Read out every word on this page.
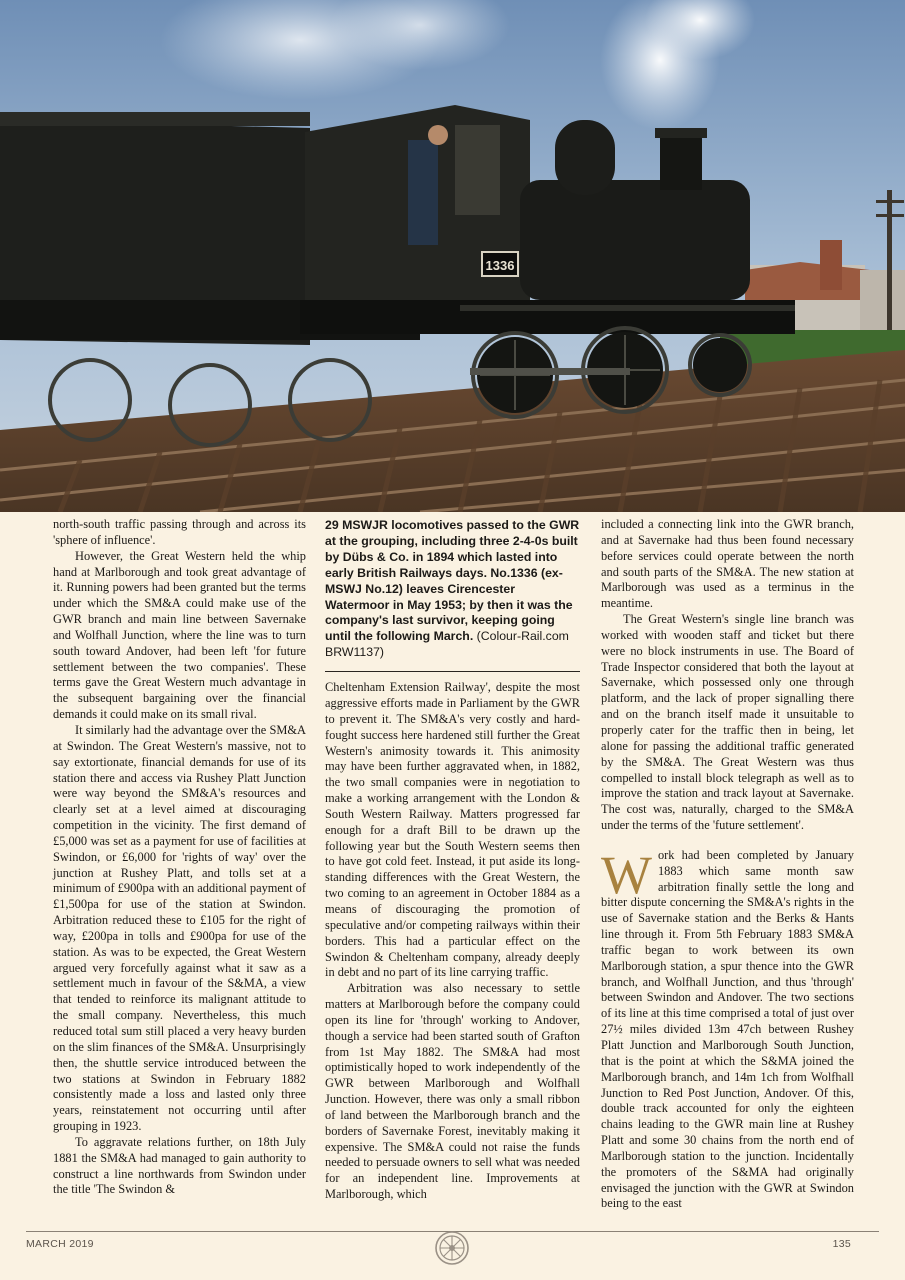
1336

north-south traffic passing through and across its 'sphere of influence'.

However, the Great Western held the whip hand at Marlborough and took great advantage of it. Running powers had been granted but the terms under which the SM&A could make use of the GWR branch and main line between Savernake and Wolfhall Junction, where the line was to turn south toward Andover, had been left 'for future settlement between the two companies'. These terms gave the Great Western much advantage in the subsequent bargaining over the financial demands it could make on its small rival.

It similarly had the advantage over the SM&A at Swindon. The Great Western's massive, not to say extortionate, financial demands for use of its station there and access via Rushey Platt Junction were way beyond the SM&A's resources and clearly set at a level aimed at discouraging competition in the vicinity. The first demand of £5,000 was set as a payment for use of facilities at Swindon, or £6,000 for 'rights of way' over the junction at Rushey Platt, and tolls set at a minimum of £900pa with an additional payment of £1,500pa for use of the station at Swindon. Arbitration reduced these to £105 for the right of way, £200pa in tolls and £900pa for use of the station. As was to be expected, the Great Western argued very forcefully against what it saw as a settlement much in favour of the S&MA, a view that tended to reinforce its malignant attitude to the small company. Nevertheless, this much reduced total sum still placed a very heavy burden on the slim finances of the SM&A. Unsurprisingly then, the shuttle service introduced between the two stations at Swindon in February 1882 consistently made a loss and lasted only three years, reinstatement not occurring until after grouping in 1923.

To aggravate relations further, on 18th July 1881 the SM&A had managed to gain authority to construct a line northwards from Swindon under the title 'The Swindon &

29 MSWJR locomotives passed to the GWR at the grouping, including three 2-4-0s built by Dübs & Co. in 1894 which lasted into early British Railways days. No.1336 (ex-MSWJ No.12) leaves Cirencester Watermoor in May 1953; by then it was the company's last survivor, keeping going until the following March. (Colour-Rail.com BRW1137)

Cheltenham Extension Railway', despite the most aggressive efforts made in Parliament by the GWR to prevent it. The SM&A's very costly and hard-fought success here hardened still further the Great Western's animosity towards it. This animosity may have been further aggravated when, in 1882, the two small companies were in negotiation to make a working arrangement with the London & South Western Railway. Matters progressed far enough for a draft Bill to be drawn up the following year but the South Western seems then to have got cold feet. Instead, it put aside its long-standing differences with the Great Western, the two coming to an agreement in October 1884 as a means of discouraging the promotion of speculative and/or competing railways within their borders. This had a particular effect on the Swindon & Cheltenham company, already deeply in debt and no part of its line carrying traffic.

Arbitration was also necessary to settle matters at Marlborough before the company could open its line for 'through' working to Andover, though a service had been started south of Grafton from 1st May 1882. The SM&A had most optimistically hoped to work independently of the GWR between Marlborough and Wolfhall Junction. However, there was only a small ribbon of land between the Marlborough branch and the borders of Savernake Forest, inevitably making it expensive. The SM&A could not raise the funds needed to persuade owners to sell what was needed for an independent line. Improvements at Marlborough, which

included a connecting link into the GWR branch, and at Savernake had thus been found necessary before services could operate between the north and south parts of the SM&A. The new station at Marlborough was used as a terminus in the meantime.

The Great Western's single line branch was worked with wooden staff and ticket but there were no block instruments in use. The Board of Trade Inspector considered that both the layout at Savernake, which possessed only one through platform, and the lack of proper signalling there and on the branch itself made it unsuitable to properly cater for the traffic then in being, let alone for passing the additional traffic generated by the SM&A. The Great Western was thus compelled to install block telegraph as well as to improve the station and track layout at Savernake. The cost was, naturally, charged to the SM&A under the terms of the 'future settlement'.

Work had been completed by January 1883 which same month saw arbitration finally settle the long and bitter dispute concerning the SM&A's rights in the use of Savernake station and the Berks & Hants line through it. From 5th February 1883 SM&A traffic began to work between its own Marlborough station, a spur thence into the GWR branch, and Wolfhall Junction, and thus 'through' between Swindon and Andover. The two sections of its line at this time comprised a total of just over 27½ miles divided 13m 47ch between Rushey Platt Junction and Marlborough South Junction, that is the point at which the S&MA joined the Marlborough branch, and 14m 1ch from Wolfhall Junction to Red Post Junction, Andover. Of this, double track accounted for only the eighteen chains leading to the GWR main line at Rushey Platt and some 30 chains from the north end of Marlborough station to the junction. Incidentally the promoters of the S&MA had originally envisaged the junction with the GWR at Swindon being to the east

MARCH 2019	135
